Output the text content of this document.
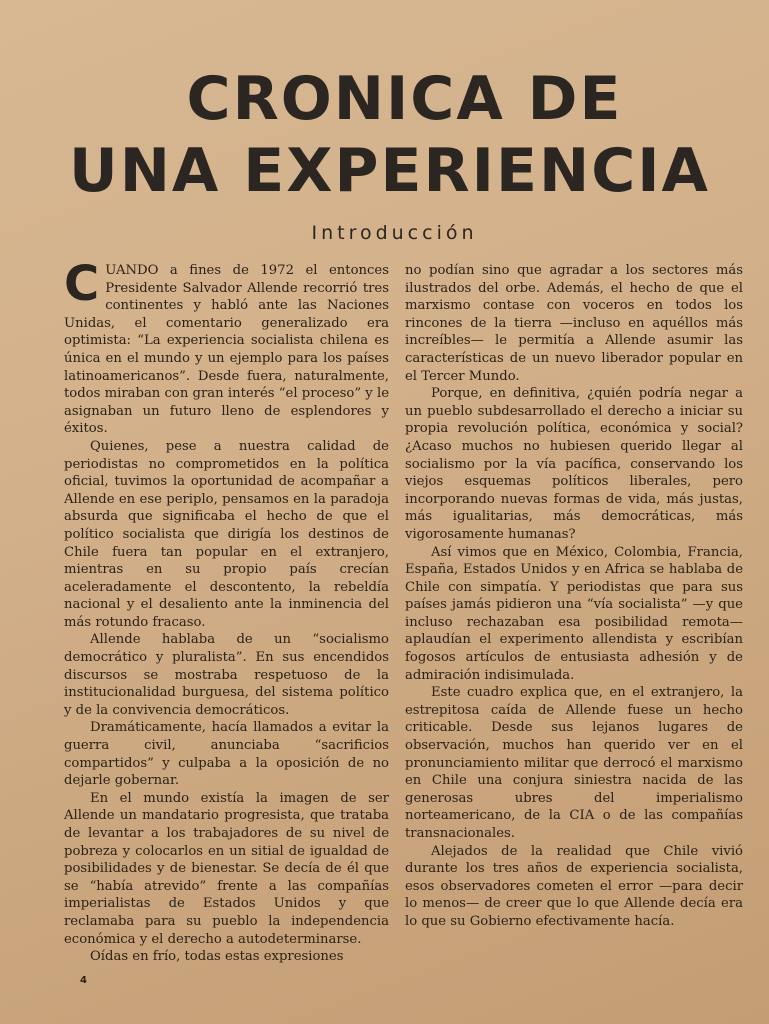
CRONICA DE
UNA EXPERIENCIA
Introducción

CUANDO a fines de 1972 el entonces Presidente Salvador Allende recorrió tres continentes y habló ante las Naciones Unidas, el comentario generalizado era optimista: “La experiencia socialista chilena es única en el mundo y un ejemplo para los países latinoamericanos”. Desde fuera, naturalmente, todos miraban con gran interés “el proceso” y le asignaban un futuro lleno de esplendores y éxitos.

Quienes, pese a nuestra calidad de periodistas no comprometidos en la política oficial, tuvimos la oportunidad de acompañar a Allende en ese periplo, pensamos en la paradoja absurda que significaba el hecho de que el político socialista que dirigía los destinos de Chile fuera tan popular en el extranjero, mientras en su propio país crecían aceleradamente el descontento, la rebeldía nacional y el desaliento ante la inminencia del más rotundo fracaso.

Allende hablaba de un “socialismo democrático y pluralista”. En sus encendidos discursos se mostraba respetuoso de la institucionalidad burguesa, del sistema político y de la convivencia democráticos.

Dramáticamente, hacía llamados a evitar la guerra civil, anunciaba “sacrificios compartidos” y culpaba a la oposición de no dejarle gobernar.

En el mundo existía la imagen de ser Allende un mandatario progresista, que trataba de levantar a los trabajadores de su nivel de pobreza y colocarlos en un sitial de igualdad de posibilidades y de bienestar. Se decía de él que se “había atrevido” frente a las compañías imperialistas de Estados Unidos y que reclamaba para su pueblo la independencia económica y el derecho a autodeterminarse.

Oídas en frío, todas estas expresiones

no podían sino que agradar a los sectores más ilustrados del orbe. Además, el hecho de que el marxismo contase con voceros en todos los rincones de la tierra —incluso en aquéllos más increíbles— le permitía a Allende asumir las características de un nuevo liberador popular en el Tercer Mundo.

Porque, en definitiva, ¿quién podría negar a un pueblo subdesarrollado el derecho a iniciar su propia revolución política, económica y social? ¿Acaso muchos no hubiesen querido llegar al socialismo por la vía pacífica, conservando los viejos esquemas políticos liberales, pero incorporando nuevas formas de vida, más justas, más igualitarias, más democráticas, más vigorosamente humanas?

Así vimos que en México, Colombia, Francia, España, Estados Unidos y en Africa se hablaba de Chile con simpatía. Y periodistas que para sus países jamás pidieron una “vía socialista” —y que incluso rechazaban esa posibilidad remota— aplaudían el experimento allendista y escribían fogosos artículos de entusiasta adhesión y de admiración indisimulada.

Este cuadro explica que, en el extranjero, la estrepitosa caída de Allende fuese un hecho criticable. Desde sus lejanos lugares de observación, muchos han querido ver en el pronunciamiento militar que derrocó el marxismo en Chile una conjura siniestra nacida de las generosas ubres del imperialismo norteamericano, de la CIA o de las compañías transnacionales.

Alejados de la realidad que Chile vivió durante los tres años de experiencia socialista, esos observadores cometen el error —para decir lo menos— de creer que lo que Allende decía era lo que su Gobierno efectivamente hacía.

4
